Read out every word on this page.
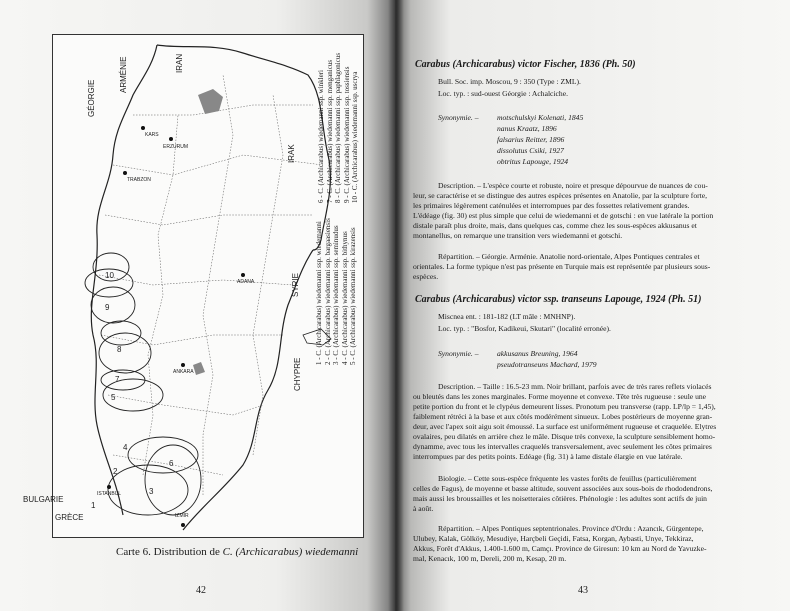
GÉORGIE
ARMÉNIE	IRAN
IRAK
SYRIE
CHYPRE
BULGARIE
GRÈCE
KARS
ERZURUM
TRABZON
ANKARA
ADANA
ISTANBUL
IZMIR
1
2
3
4
5
6
7
8
9
10	1 - C. (Archicarabus) wiedemanni ssp. wiedemanni 2 - C. (Archicarabus) wiedemanni ssp. bargaasiensis 3 - C. (Archicarabus) wiedemanni ssp. seminudus 4 - C. (Archicarabus) wiedemanni ssp. bithynus 5 - C. (Archicarabus) wiedemanni ssp. kirazensis
6 - C. (Archicarabus) wiedemanni ssp. winkleri 7 - C. (Archicarabus) wiedemanni ssp. menganicus 8 - C. (Archicarabus) wiedemanni ssp. paphlagonicus 9 - C. (Archicarabus) wiedemanni ssp. tossiensis 10 - C. (Archicarabus) wiedemanni ssp. uscrya
Carte 6. Distribution de C. (Archicarabus) wiedemanni
42
Carabus (Archicarabus) victor Fischer, 1836 (Ph. 50)
Bull. Soc. imp. Moscou, 9 : 350 (Type : ZML).
Loc. typ. : sud-ouest Géorgie : Achalciche.
Synonymie. – motschulskyi Kolenati, 1845
nanus Kraatz, 1896
falsarius Reitter, 1896
dissolutus Csiki, 1927
obtritus Lapouge, 1924
Description. – L'espèce courte et robuste, noire et presque dépourvue de nuances de cou-
leur, se caractérise et se distingue des autres espèces présentes en Anatolie, par la sculpture forte,
les primaires légèrement caténulées et interrompues par des fossettes relativement grandes.
L'édéage (fig. 30) est plus simple que celui de wiedemanni et de gotschi : en vue latérale la portion
distale paraît plus droite, mais, dans quelques cas, comme chez les sous-espèces akkusanus et
montanellus, on remarque une transition vers wiedemanni et gotschi.
Répartition. – Géorgie. Arménie. Anatolie nord-orientale, Alpes Pontiques centrales et
orientales. La forme typique n'est pas présente en Turquie mais est représentée par plusieurs sous-
espèces.
Carabus (Archicarabus) victor ssp. transeuns Lapouge, 1924 (Ph. 51)
Miscnea ent. : 181-182 (LT mâle : MNHNP).
Loc. typ. : "Bosfor, Kadikeui, Skutari" (localité erronée).
Synonymie. – akkusanus Breuning, 1964
pseudotranseuns Machard, 1979
Description. – Taille : 16.5-23 mm. Noir brillant, parfois avec de très rares reflets violacés
ou bleutés dans les zones marginales. Forme moyenne et convexe. Tête très rugueuse : seule une
petite portion du front et le clypéus demeurent lisses. Pronotum peu transverse (rapp. LP/lp = 1,45),
faiblement rétréci à la base et aux côtés modérément sinueux. Lobes postérieurs de moyenne gran-
deur, avec l'apex soit aigu soit émoussé. La surface est uniformément rugueuse et craquelée. Elytres
ovalaires, peu dilatés en arrière chez le mâle. Disque très convexe, la sculpture sensiblement homo-
dynamme, avec tous les intervalles craquelés transversalement, avec seulement les côtes primaires
interrompues par des petits points. Edéage (fig. 31) à lame distale élargie en vue latérale.
Biologie. – Cette sous-espèce fréquente les vastes forêts de feuillus (particulièrement
celles de Fagus), de moyenne et basse altitude, souvent associées aux sous-bois de rhododendrons,
mais aussi les broussailles et les noisetteraies côtières. Phénologie : les adultes sont actifs de juin
à août.
Répartition. – Alpes Pontiques septentrionales. Province d'Ordu : Azancık, Gürgentepe,
Ulubey, Kalak, Gölköy, Mesudiye, Harçbeli Geçidi, Fatsa, Korgan, Aybasti, Unye, Tekkiraz,
Akkus, Forêt d'Akkus, 1.400-1.600 m, Camçı. Province de Giresun: 10 km au Nord de Yavuzke-
mal, Kenacık, 100 m, Dereli, 200 m, Kesap, 20 m.
43
